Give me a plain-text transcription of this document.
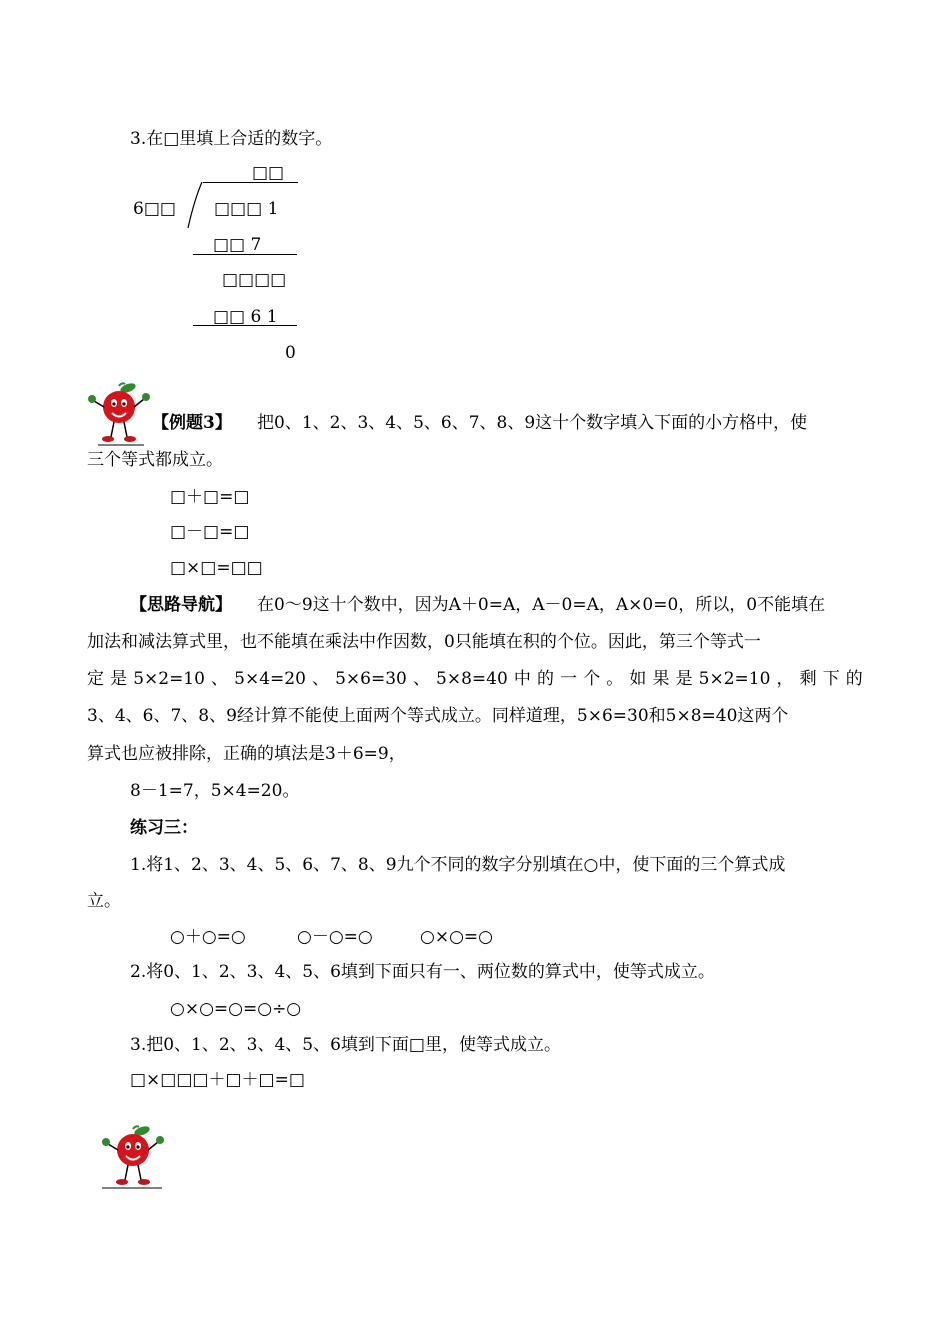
3.在□里填上合适的数字。
□□
6□□ □□□ 1
□□ 7
□□□□
□□ 6 1
0
【例题3】 把0、1、2、3、4、5、6、7、8、9这十个数字填入下面的小方格中，使
三个等式都成立。
□＋□=□
□－□=□
□×□=□□
【思路导航】 在0～9这十个数中，因为A＋0=A，A－0=A，A×0=0，所以，0不能填在
加法和减法算式里，也不能填在乘法中作因数，0只能填在积的个位。因此，第三个等式一
定 是 5×2=10 、 5×4=20 、 5×6=30 、 5×8=40 中 的 一 个 。 如 果 是 5×2=10 ， 剩 下 的
3、4、6、7、8、9经计算不能使上面两个等式成立。同样道理，5×6=30和5×8=40这两个
算式也应被排除，正确的填法是3＋6=9，
8－1=7，5×4=20。
练习三：
1.将1、2、3、4、5、6、7、8、9九个不同的数字分别填在○中，使下面的三个算式成
立。
○＋○=○	○－○=○	○×○=○
2.将0、1、2、3、4、5、6填到下面只有一、两位数的算式中，使等式成立。
○×○=○=○÷○
3.把0、1、2、3、4、5、6填到下面□里，使等式成立。
□×□□□＋□＋□=□
